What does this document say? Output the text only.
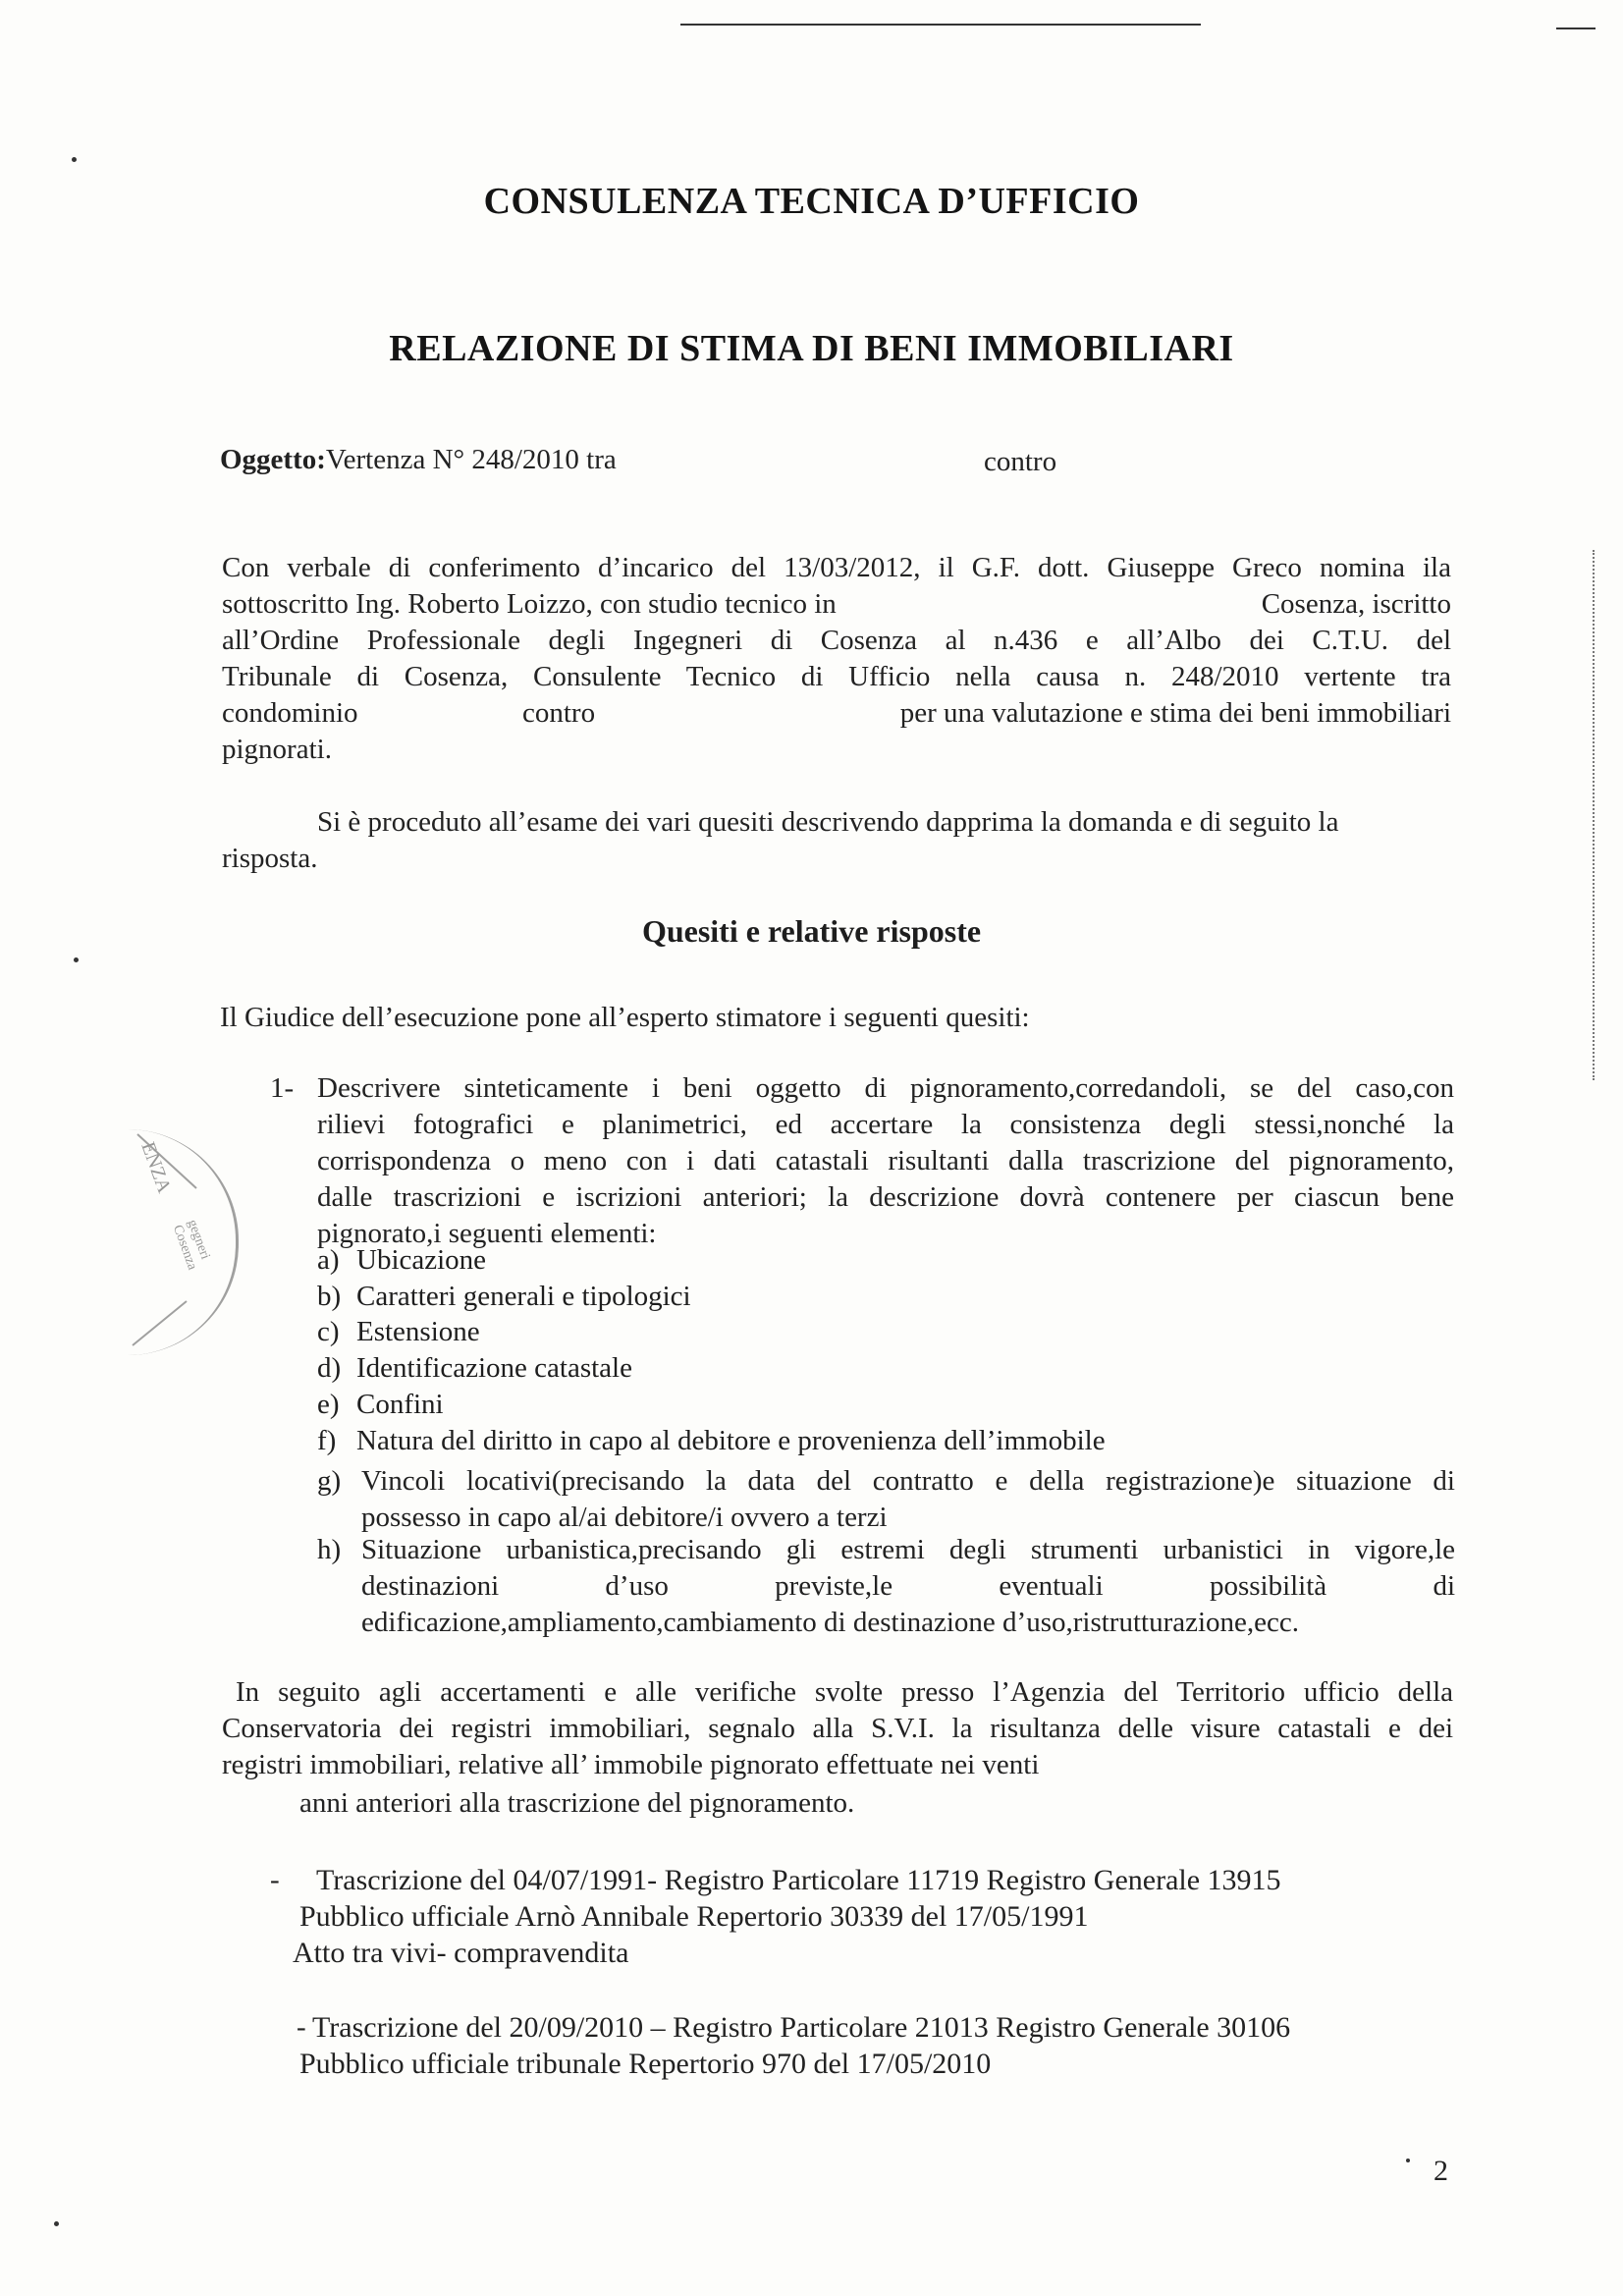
CONSULENZA TECNICA D’UFFICIO
RELAZIONE DI STIMA DI BENI IMMOBILIARI
Oggetto:Vertenza N° 248/2010 tra	contro
Con verbale di conferimento d’incarico del 13/03/2012, il G.F. dott. Giuseppe Greco nomina ila
sottoscritto Ing. Roberto Loizzo, con studio tecnico in	Cosenza, iscritto
all’Ordine Professionale degli Ingegneri di Cosenza al n.436 e all’Albo dei C.T.U. del
Tribunale di Cosenza, Consulente Tecnico di Ufficio nella causa n. 248/2010 vertente tra
condominio	contro	per una valutazione e stima dei beni immobiliari
pignorati.
Si è proceduto all’esame dei vari quesiti descrivendo dapprima la domanda e di seguito la
risposta.
Quesiti e relative risposte
Il Giudice dell’esecuzione pone all’esperto stimatore i seguenti quesiti:
1- Descrivere sinteticamente i beni oggetto di pignoramento,corredandoli, se del caso,con
rilievi fotografici e planimetrici, ed accertare la consistenza degli stessi,nonché la
corrispondenza o meno con i dati catastali risultanti dalla trascrizione del pignoramento,
dalle trascrizioni e iscrizioni anteriori; la descrizione dovrà contenere per ciascun bene
pignorato,i seguenti elementi:
a) Ubicazione
b) Caratteri generali e tipologici
c) Estensione
d) Identificazione catastale
e) Confini
f) Natura del diritto in capo al debitore e provenienza dell’immobile
g) Vincoli locativi(precisando la data del contratto e della registrazione)e situazione di
possesso in capo al/ai debitore/i ovvero a terzi
h) Situazione urbanistica,precisando gli estremi degli strumenti urbanistici in vigore,le
destinazioni	d’uso	previste,le	eventuali	possibilità	di
edificazione,ampliamento,cambiamento di destinazione d’uso,ristrutturazione,ecc.
In seguito agli accertamenti e alle verifiche svolte presso l’Agenzia del Territorio ufficio della
Conservatoria dei registri immobiliari, segnalo alla S.V.I. la risultanza delle visure catastali e dei
registri immobiliari, relative all’ immobile pignorato effettuate nei venti
anni anteriori alla trascrizione del pignoramento.
- Trascrizione del 04/07/1991- Registro Particolare 11719 Registro Generale 13915
Pubblico ufficiale Arnò Annibale Repertorio 30339 del 17/05/1991
Atto tra vivi- compravendita
- Trascrizione del 20/09/2010 – Registro Particolare 21013 Registro Generale 30106
Pubblico ufficiale tribunale Repertorio 970 del 17/05/2010
2
ENZA
gegneri Cosenza
